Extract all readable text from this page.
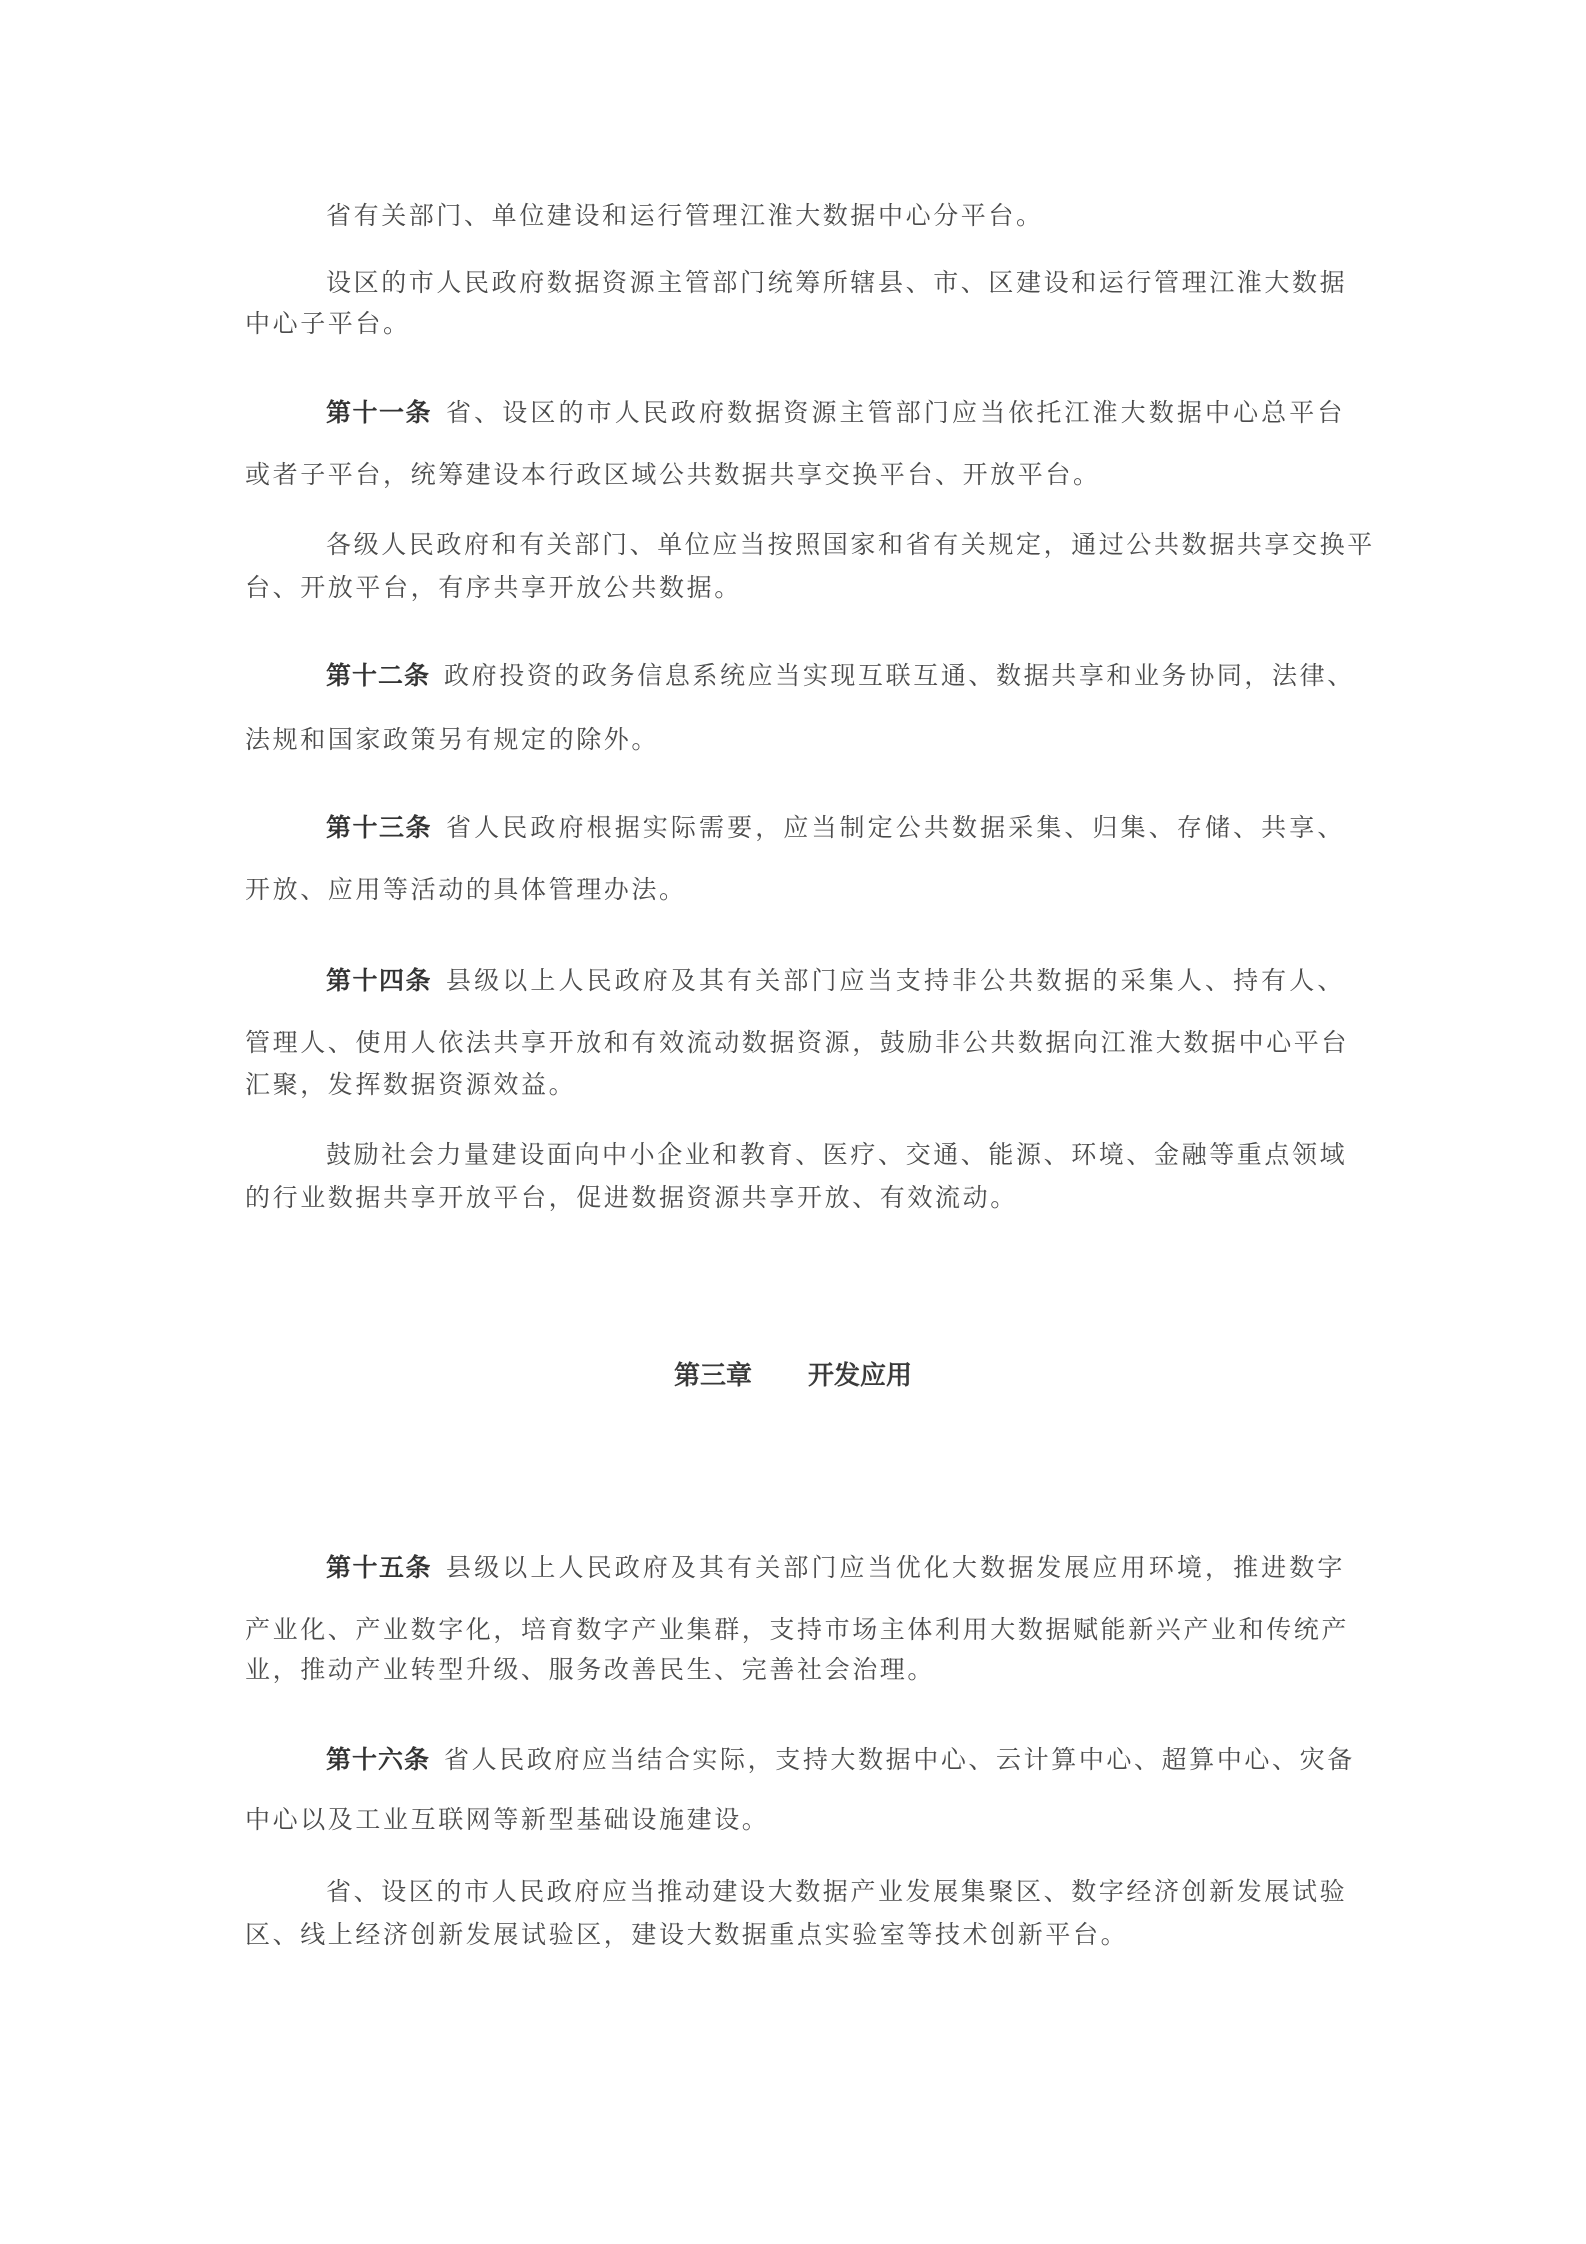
省有关部门、单位建设和运行管理江淮大数据中心分平台。
设区的市人民政府数据资源主管部门统筹所辖县、市、区建设和运行管理江淮大数据
中心子平台。
第十一条 省、设区的市人民政府数据资源主管部门应当依托江淮大数据中心总平台
或者子平台，统筹建设本行政区域公共数据共享交换平台、开放平台。
各级人民政府和有关部门、单位应当按照国家和省有关规定，通过公共数据共享交换平
台、开放平台，有序共享开放公共数据。
第十二条 政府投资的政务信息系统应当实现互联互通、数据共享和业务协同，法律、
法规和国家政策另有规定的除外。
第十三条 省人民政府根据实际需要，应当制定公共数据采集、归集、存储、共享、
开放、应用等活动的具体管理办法。
第十四条 县级以上人民政府及其有关部门应当支持非公共数据的采集人、持有人、
管理人、使用人依法共享开放和有效流动数据资源，鼓励非公共数据向江淮大数据中心平台
汇聚，发挥数据资源效益。
鼓励社会力量建设面向中小企业和教育、医疗、交通、能源、环境、金融等重点领域
的行业数据共享开放平台，促进数据资源共享开放、有效流动。
第十五条 县级以上人民政府及其有关部门应当优化大数据发展应用环境，推进数字
产业化、产业数字化，培育数字产业集群，支持市场主体利用大数据赋能新兴产业和传统产
业，推动产业转型升级、服务改善民生、完善社会治理。
第十六条 省人民政府应当结合实际，支持大数据中心、云计算中心、超算中心、灾备
中心以及工业互联网等新型基础设施建设。
省、设区的市人民政府应当推动建设大数据产业发展集聚区、数字经济创新发展试验
区、线上经济创新发展试验区，建设大数据重点实验室等技术创新平台。
第三章 开发应用
